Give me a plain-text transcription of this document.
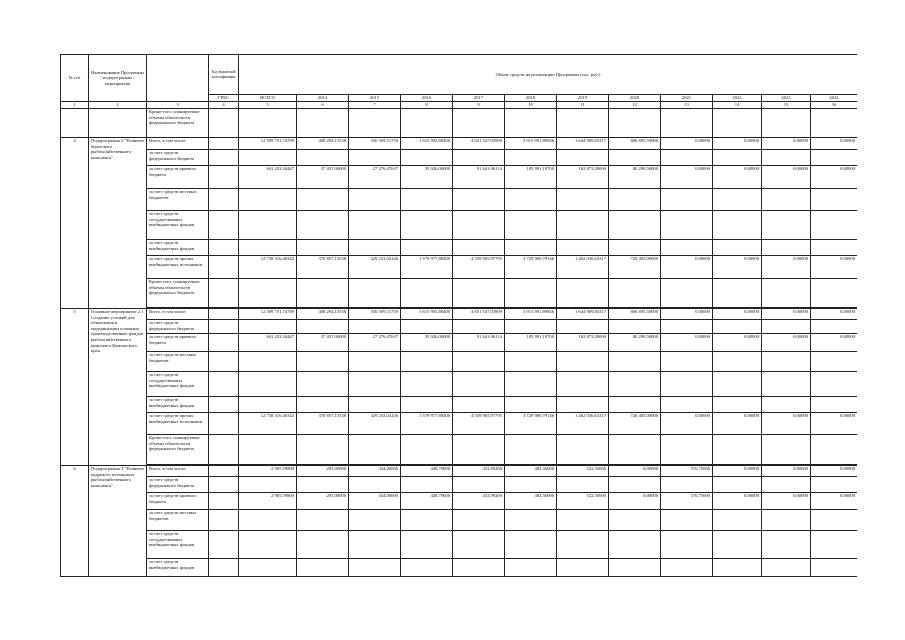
№ п/п	Наименование Программы / подпрограммы / мероприятия		Код бюджетной классификации	Объем средств на реализацию Программы (тыс. руб.)											
			ГРБС	ВСЕГО	2014	2015	2016	2017	2018	2019	2020	2021	2022	2023	2024
1	2	3	4	5	6	7	8	9	10	11	12	13	14	15	16
		Кроме того, планируемые объемы обязательств федерального бюджета													
4	Подпрограмма 2 "Развитие берегового рыбохозяйственного комплекса"	Всего, в том числе:		12 399 751,74789	408 294,15538	356 509,51759	1 615 903,80400	4 651 547,03909	3 915 891,89846	1 644 909,83317	806 695,50000	0,00000	0,00000	0,00000	0,00000
		за счет средств федерального бюджета													
		за счет средств краевого бюджета		641 433,34447	37 437,00000	27 276,47637	35 926,00000	91 641,06114	185 991,10700	182 873,20000	80 290,50000	0,00000	0,00000	0,00000	0,00000
		за счет средств местных бюджетов													
		за счет средств государственных внебюджетных фондов													
		за счет средств внебюджетных фондов													
		за счет средств прочих внебюджетных источников		12 758 316,40342	370 857,15538	329 233,04126	1 579 977,80400	4 559 905,97795	3 729 900,79146	1 462 036,63317	726 405,00000	0,00000	0,00000	0,00000	0,00000
		Кроме того, планируемые объемы обязательств федерального бюджета													

5	Основное мероприятие 2.1 Создание условий для обновления и модернизации основных производственных фондов рыбохозяйственного комплекса Камчатского края	Всего, в том числе:		12 399 751,74789	408 294,15538	356 509,51759	1 615 903,80400	4 651 547,03909	3 915 891,89846	1 644 909,83317	806 695,50000	0,00000	0,00000	0,00000	0,00000
		за счет средств федерального бюджета													
		за счет средств краевого бюджета		641 433,34447	37 437,00000	27 276,47637	35 926,00000	91 641,06114	185 991,10700	182 873,20000	80 290,50000	0,00000	0,00000	0,00000	0,00000
		за счет средств местных бюджетов													
		за счет средств государственных внебюджетных фондов													
		за счет средств внебюджетных фондов													
		за счет средств прочих внебюджетных источников		12 758 316,40342	370 857,15538	329 233,04126	1 579 977,80400	4 559 905,97795	3 729 900,79146	1 462 036,63317	726 405,00000	0,00000	0,00000	0,00000	0,00000
		Кроме того, планируемые объемы обязательств федерального бюджета													

6	Подпрограмма 3 "Развитие кадрового потенциала рыбохозяйственного комплекса"	Всего, в том числе:		2 905,59800	295,00000	344,00000	448,79600	433,99200	484,56000	522,50000	0,00000	376,75000	0,00000	0,00000	0,00000
		за счет средств федерального бюджета													
		за счет средств краевого бюджета		2 905,59800	295,00000	344,00000	448,79600	433,99200	484,56000	522,50000	0,00000	376,75000	0,00000	0,00000	0,00000
		за счет средств местных бюджетов													
		за счет средств государственных внебюджетных фондов													
		за счет средств внебюджетных фондов													
